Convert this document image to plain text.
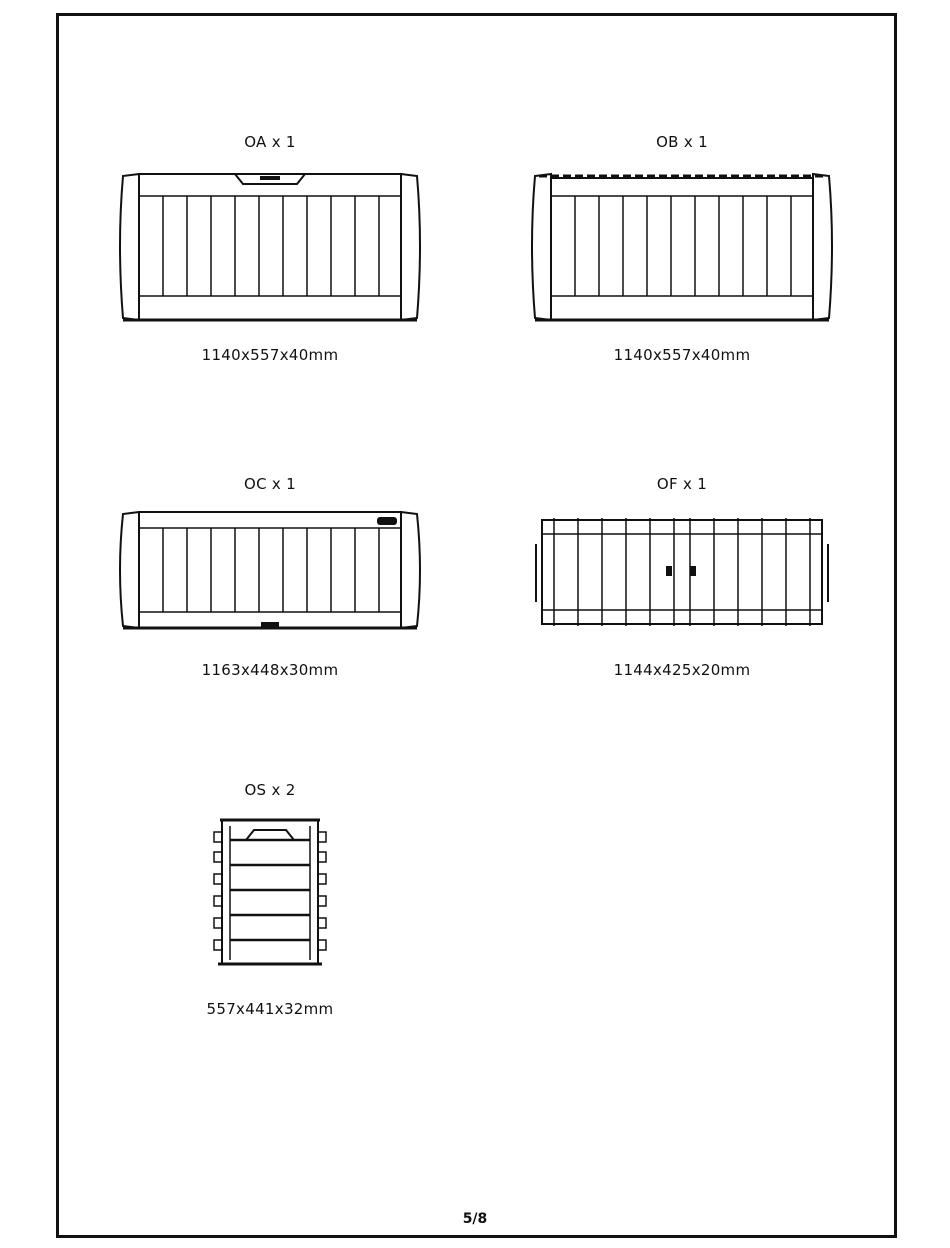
OA x 1
1140x557x40mm
OB x 1
1140x557x40mm
OC x 1
1163x448x30mm
OF x 1
1144x425x20mm
OS x 2
557x441x32mm
5/8
